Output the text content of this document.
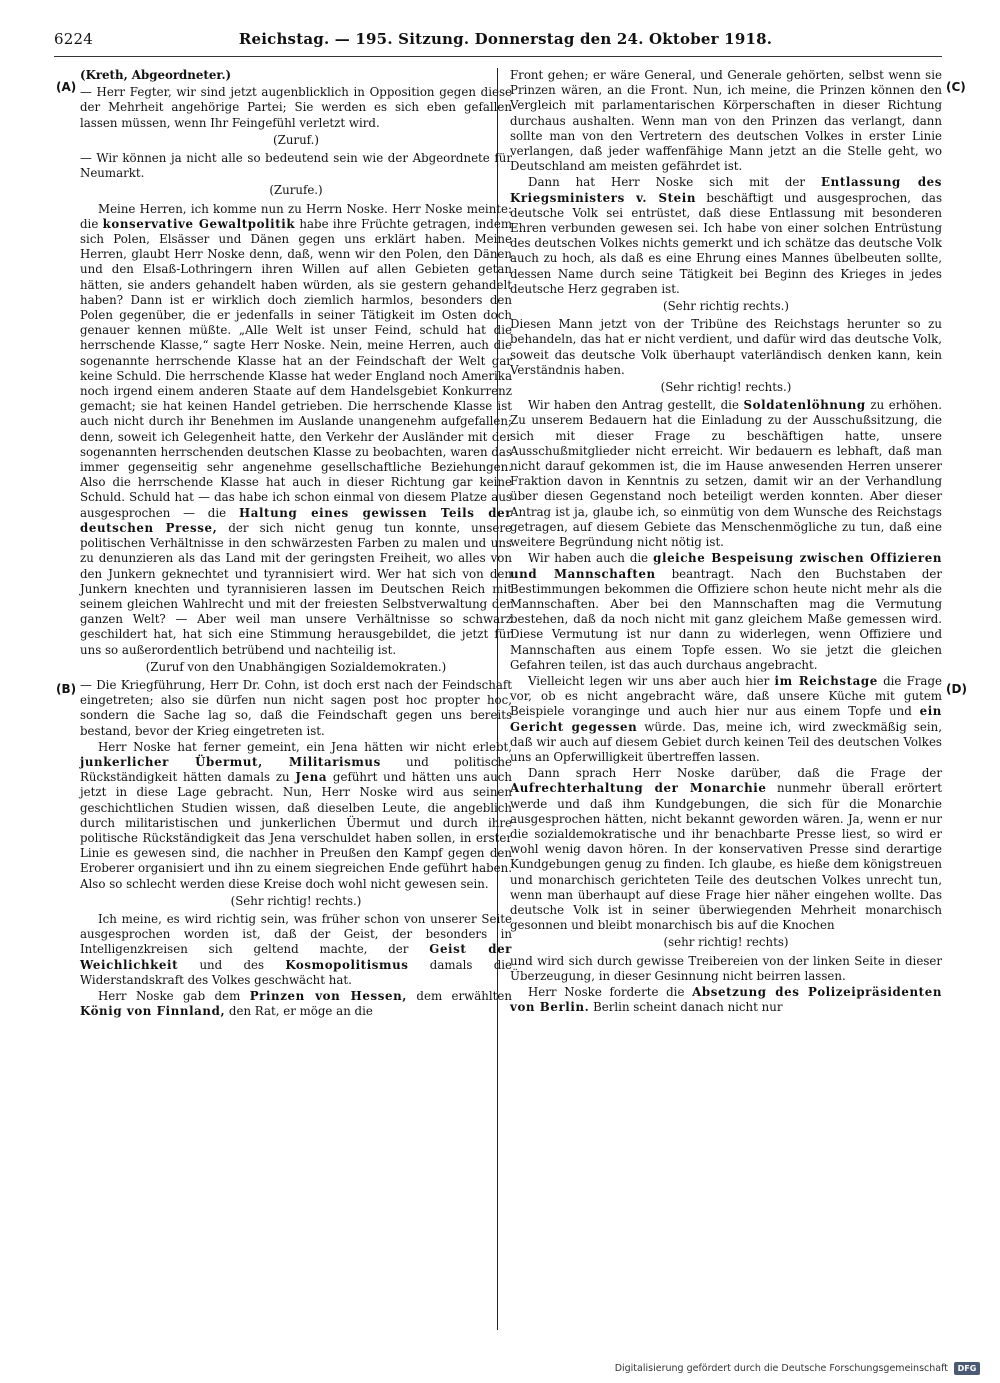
6224	Reichstag. — 195. Sitzung. Donnerstag den 24. Oktober 1918.
(A)
(B)
(C)
(D)

(Kreth, Abgeordneter.)

— Herr Fegter, wir sind jetzt augenblicklich in Opposition gegen diese der Mehrheit angehörige Partei; Sie werden es sich eben gefallen lassen müssen, wenn Ihr Feingefühl verletzt wird.

(Zuruf.)

— Wir können ja nicht alle so bedeutend sein wie der Abgeordnete für Neumarkt.

(Zurufe.)

Meine Herren, ich komme nun zu Herrn Noske. Herr Noske meinte: die konservative Gewaltpolitik habe ihre Früchte getragen, indem sich Polen, Elsässer und Dänen gegen uns erklärt haben. Meine Herren, glaubt Herr Noske denn, daß, wenn wir den Polen, den Dänen und den Elsaß-Lothringern ihren Willen auf allen Gebieten getan hätten, sie anders gehandelt haben würden, als sie gestern gehandelt haben? Dann ist er wirklich doch ziemlich harmlos, besonders den Polen gegenüber, die er jedenfalls in seiner Tätigkeit im Osten doch genauer kennen müßte. „Alle Welt ist unser Feind, schuld hat die herrschende Klasse,“ sagte Herr Noske. Nein, meine Herren, auch die sogenannte herrschende Klasse hat an der Feindschaft der Welt gar keine Schuld. Die herrschende Klasse hat weder England noch Amerika noch irgend einem anderen Staate auf dem Handelsgebiet Konkurrenz gemacht; sie hat keinen Handel getrieben. Die herrschende Klasse ist auch nicht durch ihr Benehmen im Auslande unangenehm aufgefallen; denn, soweit ich Gelegenheit hatte, den Verkehr der Ausländer mit der sogenannten herrschenden deutschen Klasse zu beobachten, waren das immer gegenseitig sehr angenehme gesellschaftliche Beziehungen. Also die herrschende Klasse hat auch in dieser Richtung gar keine Schuld. Schuld hat — das habe ich schon einmal von diesem Platze aus ausgesprochen — die Haltung eines gewissen Teils der deutschen Presse, der sich nicht genug tun konnte, unsere politischen Verhältnisse in den schwärzesten Farben zu malen und uns zu denunzieren als das Land mit der geringsten Freiheit, wo alles von den Junkern geknechtet und tyrannisiert wird. Wer hat sich von den Junkern knechten und tyrannisieren lassen im Deutschen Reich mit seinem gleichen Wahlrecht und mit der freiesten Selbstverwaltung der ganzen Welt? — Aber weil man unsere Verhältnisse so schwarz geschildert hat, hat sich eine Stimmung herausgebildet, die jetzt für uns so außerordentlich betrübend und nachteilig ist.

(Zuruf von den Unabhängigen Sozialdemokraten.)

— Die Kriegführung, Herr Dr. Cohn, ist doch erst nach der Feindschaft eingetreten; also sie dürfen nun nicht sagen post hoc propter hoc, sondern die Sache lag so, daß die Feindschaft gegen uns bereits bestand, bevor der Krieg eingetreten ist.

Herr Noske hat ferner gemeint, ein Jena hätten wir nicht erlebt, junkerlicher Übermut, Militarismus und politische Rückständigkeit hätten damals zu Jena geführt und hätten uns auch jetzt in diese Lage gebracht. Nun, Herr Noske wird aus seinen geschichtlichen Studien wissen, daß dieselben Leute, die angeblich durch militaristischen und junkerlichen Übermut und durch ihre politische Rückständigkeit das Jena verschuldet haben sollen, in erster Linie es gewesen sind, die nachher in Preußen den Kampf gegen den Eroberer organisiert und ihn zu einem siegreichen Ende geführt haben. Also so schlecht werden diese Kreise doch wohl nicht gewesen sein.

(Sehr richtig! rechts.)

Ich meine, es wird richtig sein, was früher schon von unserer Seite ausgesprochen worden ist, daß der Geist, der besonders in Intelligenzkreisen sich geltend machte, der Geist der Weichlichkeit und des Kosmopolitismus damals die Widerstandskraft des Volkes geschwächt hat.

Herr Noske gab dem Prinzen von Hessen, dem erwählten König von Finnland, den Rat, er möge an die

Front gehen; er wäre General, und Generale gehörten, selbst wenn sie Prinzen wären, an die Front. Nun, ich meine, die Prinzen können den Vergleich mit parlamentarischen Körperschaften in dieser Richtung durchaus aushalten. Wenn man von den Prinzen das verlangt, dann sollte man von den Vertretern des deutschen Volkes in erster Linie verlangen, daß jeder waffenfähige Mann jetzt an die Stelle geht, wo Deutschland am meisten gefährdet ist.

Dann hat Herr Noske sich mit der Entlassung des Kriegsministers v. Stein beschäftigt und ausgesprochen, das deutsche Volk sei entrüstet, daß diese Entlassung mit besonderen Ehren verbunden gewesen sei. Ich habe von einer solchen Entrüstung des deutschen Volkes nichts gemerkt und ich schätze das deutsche Volk auch zu hoch, als daß es eine Ehrung eines Mannes übelbeuten sollte, dessen Name durch seine Tätigkeit bei Beginn des Krieges in jedes deutsche Herz gegraben ist.

(Sehr richtig rechts.)

Diesen Mann jetzt von der Tribüne des Reichstags herunter so zu behandeln, das hat er nicht verdient, und dafür wird das deutsche Volk, soweit das deutsche Volk überhaupt vaterländisch denken kann, kein Verständnis haben.

(Sehr richtig! rechts.)

Wir haben den Antrag gestellt, die Soldatenlöhnung zu erhöhen. Zu unserem Bedauern hat die Einladung zu der Ausschußsitzung, die sich mit dieser Frage zu beschäftigen hatte, unsere Ausschußmitglieder nicht erreicht. Wir bedauern es lebhaft, daß man nicht darauf gekommen ist, die im Hause anwesenden Herren unserer Fraktion davon in Kenntnis zu setzen, damit wir an der Verhandlung über diesen Gegenstand noch beteiligt werden konnten. Aber dieser Antrag ist ja, glaube ich, so einmütig von dem Wunsche des Reichstags getragen, auf diesem Gebiete das Menschenmögliche zu tun, daß eine weitere Begründung nicht nötig ist.

Wir haben auch die gleiche Bespeisung zwischen Offizieren und Mannschaften beantragt. Nach den Buchstaben der Bestimmungen bekommen die Offiziere schon heute nicht mehr als die Mannschaften. Aber bei den Mannschaften mag die Vermutung bestehen, daß da noch nicht mit ganz gleichem Maße gemessen wird. Diese Vermutung ist nur dann zu widerlegen, wenn Offiziere und Mannschaften aus einem Topfe essen. Wo sie jetzt die gleichen Gefahren teilen, ist das auch durchaus angebracht.

Vielleicht legen wir uns aber auch hier im Reichstage die Frage vor, ob es nicht angebracht wäre, daß unsere Küche mit gutem Beispiele voranginge und auch hier nur aus einem Topfe und ein Gericht gegessen würde. Das, meine ich, wird zweckmäßig sein, daß wir auch auf diesem Gebiet durch keinen Teil des deutschen Volkes uns an Opferwilligkeit übertreffen lassen.

Dann sprach Herr Noske darüber, daß die Frage der Aufrechterhaltung der Monarchie nunmehr überall erörtert werde und daß ihm Kundgebungen, die sich für die Monarchie ausgesprochen hätten, nicht bekannt geworden wären. Ja, wenn er nur die sozialdemokratische und ihr benachbarte Presse liest, so wird er wohl wenig davon hören. In der konservativen Presse sind derartige Kundgebungen genug zu finden. Ich glaube, es hieße dem königstreuen und monarchisch gerichteten Teile des deutschen Volkes unrecht tun, wenn man überhaupt auf diese Frage hier näher eingehen wollte. Das deutsche Volk ist in seiner überwiegenden Mehrheit monarchisch gesonnen und bleibt monarchisch bis auf die Knochen

(sehr richtig! rechts)

und wird sich durch gewisse Treibereien von der linken Seite in dieser Überzeugung, in dieser Gesinnung nicht beirren lassen.

Herr Noske forderte die Absetzung des Polizeipräsidenten von Berlin. Berlin scheint danach nicht nur

Digitalisierung gefördert durch die Deutsche Forschungsgemeinschaft	DFG
